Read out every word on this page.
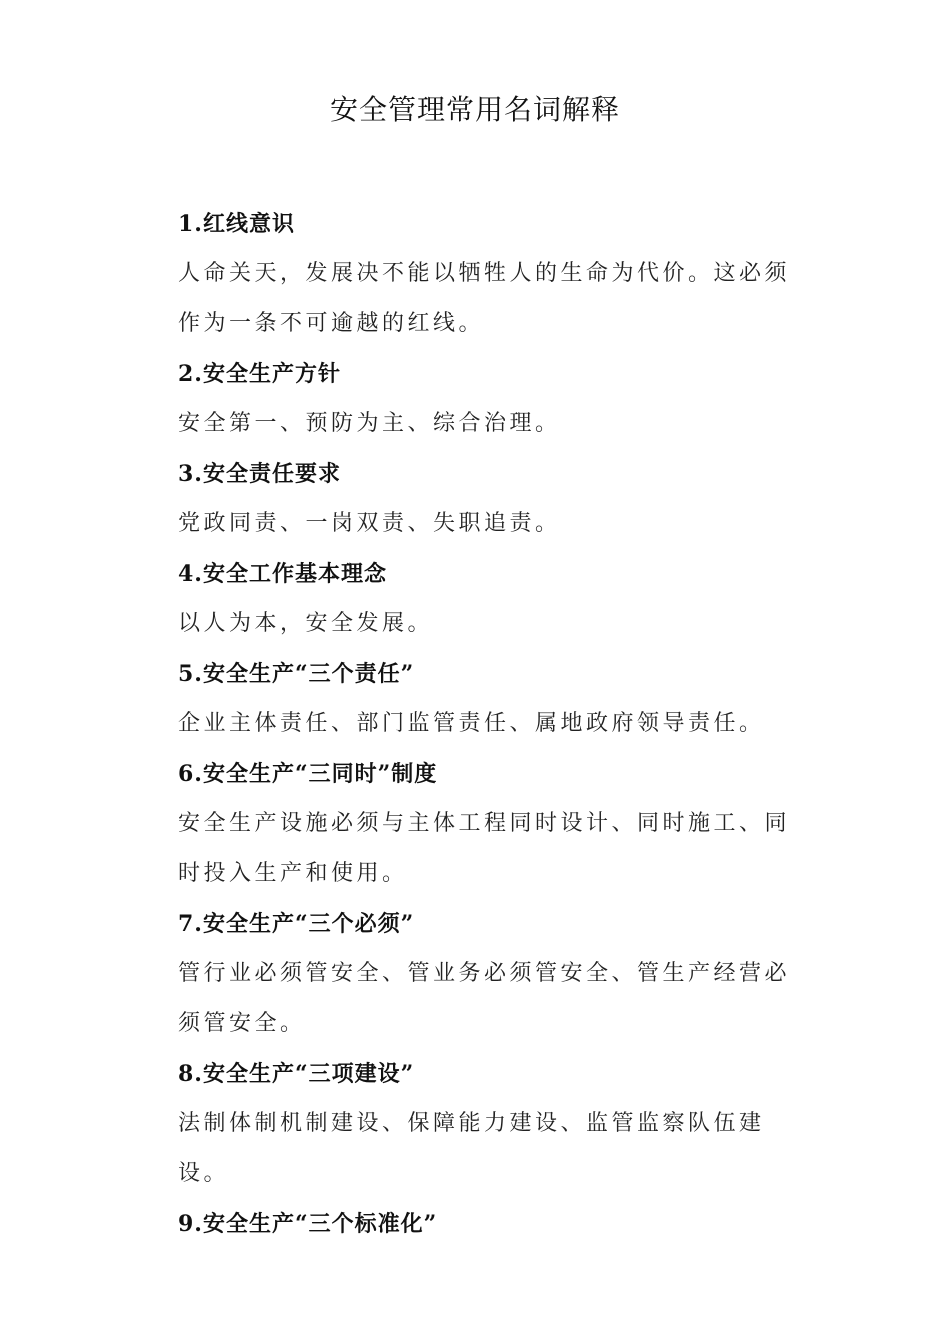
安全管理常用名词解释
1.红线意识
人命关天，发展决不能以牺牲人的生命为代价。这必须作为一条不可逾越的红线。
2.安全生产方针
安全第一、预防为主、综合治理。
3.安全责任要求
党政同责、一岗双责、失职追责。
4.安全工作基本理念
以人为本，安全发展。
5.安全生产“三个责任”
企业主体责任、部门监管责任、属地政府领导责任。
6.安全生产“三同时”制度
安全生产设施必须与主体工程同时设计、同时施工、同时投入生产和使用。
7.安全生产“三个必须”
管行业必须管安全、管业务必须管安全、管生产经营必须管安全。
8.安全生产“三项建设”
法制体制机制建设、保障能力建设、监管监察队伍建设。
9.安全生产“三个标准化”
